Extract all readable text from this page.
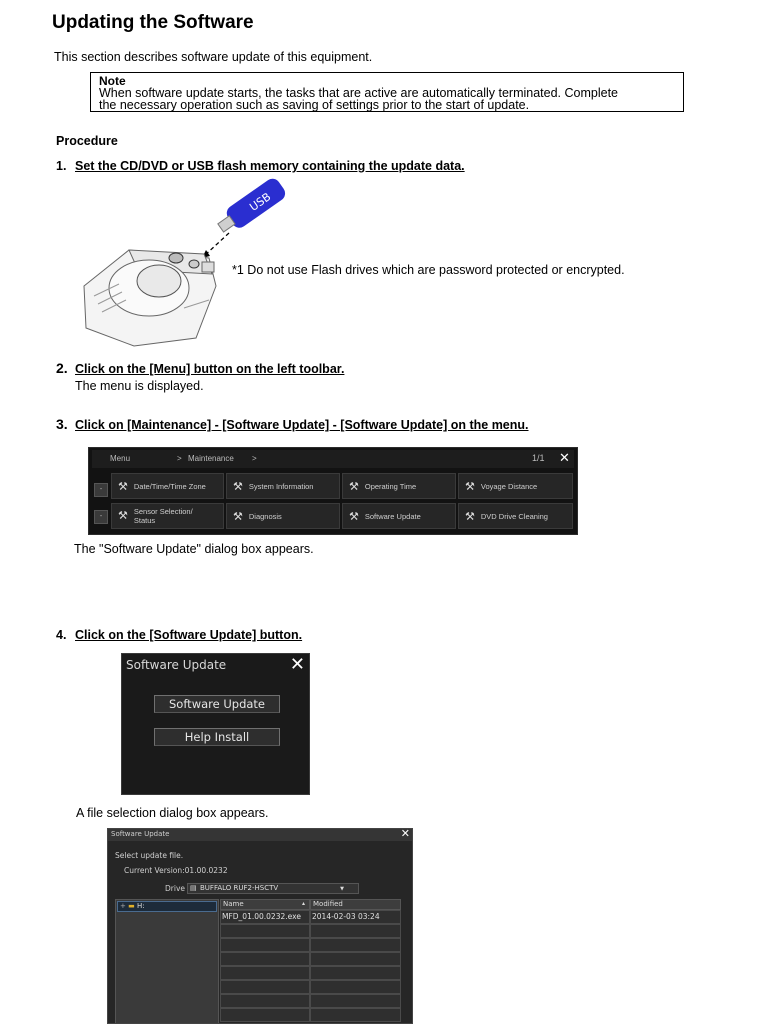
Updating the Software
This section describes software update of this equipment.
Note
When software update starts, the tasks that are active are automatically terminated. Complete
the necessary operation such as saving of settings prior to the start of update.
Procedure
1. Set the CD/DVD or USB flash memory containing the update data.
USB
*1 Do not use Flash drives which are password protected or encrypted.
2. Click on the [Menu] button on the left toolbar.
The menu is displayed.
3. Click on [Maintenance] - [Software Update] - [Software Update] on the menu.
Menu	> Maintenance >	1/1 ✕
-
-
⚒ Date/Time/Time Zone ⚒ System Information	⚒ Operating Time	⚒ Voyage Distance
⚒ Sensor Selection/ Status	⚒ Diagnosis	⚒ Software Update	⚒ DVD Drive Cleaning
The "Software Update" dialog box appears.
4. Click on the [Software Update] button.
Software Update	✕
Software Update
Help Install
A file selection dialog box appears.
Software Update	✕
Select update file.
Current Version:01.00.0232
Drive ▤ BUFFALO RUF2-HSCTV	▼
+ ▬ H:	Name	▴	Modified
MFD_01.00.0232.exe	2014-02-03 03:24
